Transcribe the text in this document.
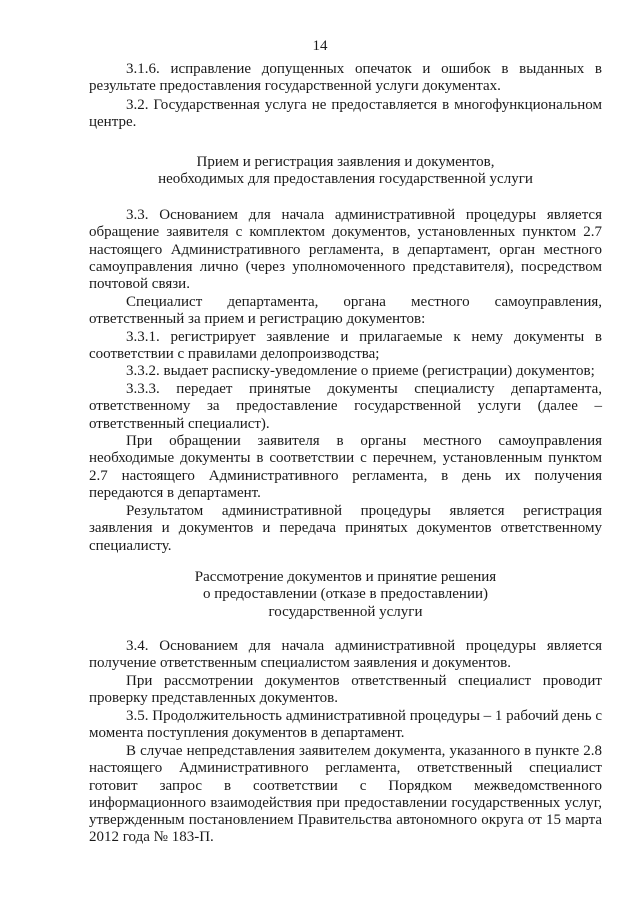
14

3.1.6. исправление допущенных опечаток и ошибок в выданных в результате предоставления государственной услуги документах.

3.2. Государственная услуга не предоставляется в многофункциональном центре.

Прием и регистрация заявления и документов,

необходимых для предоставления государственной услуги

3.3. Основанием для начала административной процедуры является обращение заявителя с комплектом документов, установленных пунктом 2.7 настоящего Административного регламента, в департамент, орган местного самоуправления лично (через уполномоченного представителя), посредством почтовой связи.

Специалист департамента, органа местного самоуправления, ответственный за прием и регистрацию документов:

3.3.1. регистрирует заявление и прилагаемые к нему документы в соответствии с правилами делопроизводства;

3.3.2. выдает расписку-уведомление о приеме (регистрации) документов;

3.3.3. передает принятые документы специалисту департамента, ответственному за предоставление государственной услуги (далее – ответственный специалист).

При обращении заявителя в органы местного самоуправления необходимые документы в соответствии с перечнем, установленным пунктом 2.7 настоящего Административного регламента, в день их получения передаются в департамент.

Результатом административной процедуры является регистрация заявления и документов и передача принятых документов ответственному специалисту.

Рассмотрение документов и принятие решения

о предоставлении (отказе в предоставлении)

государственной услуги

3.4. Основанием для начала административной процедуры является получение ответственным специалистом заявления и документов.

При рассмотрении документов ответственный специалист проводит проверку представленных документов.

3.5. Продолжительность административной процедуры – 1 рабочий день с момента поступления документов в департамент.

В случае непредставления заявителем документа, указанного в пункте 2.8 настоящего Административного регламента, ответственный специалист готовит запрос в соответствии с Порядком межведомственного информационного взаимодействия при предоставлении государственных услуг, утвержденным постановлением Правительства автономного округа от 15 марта 2012 года № 183-П.
